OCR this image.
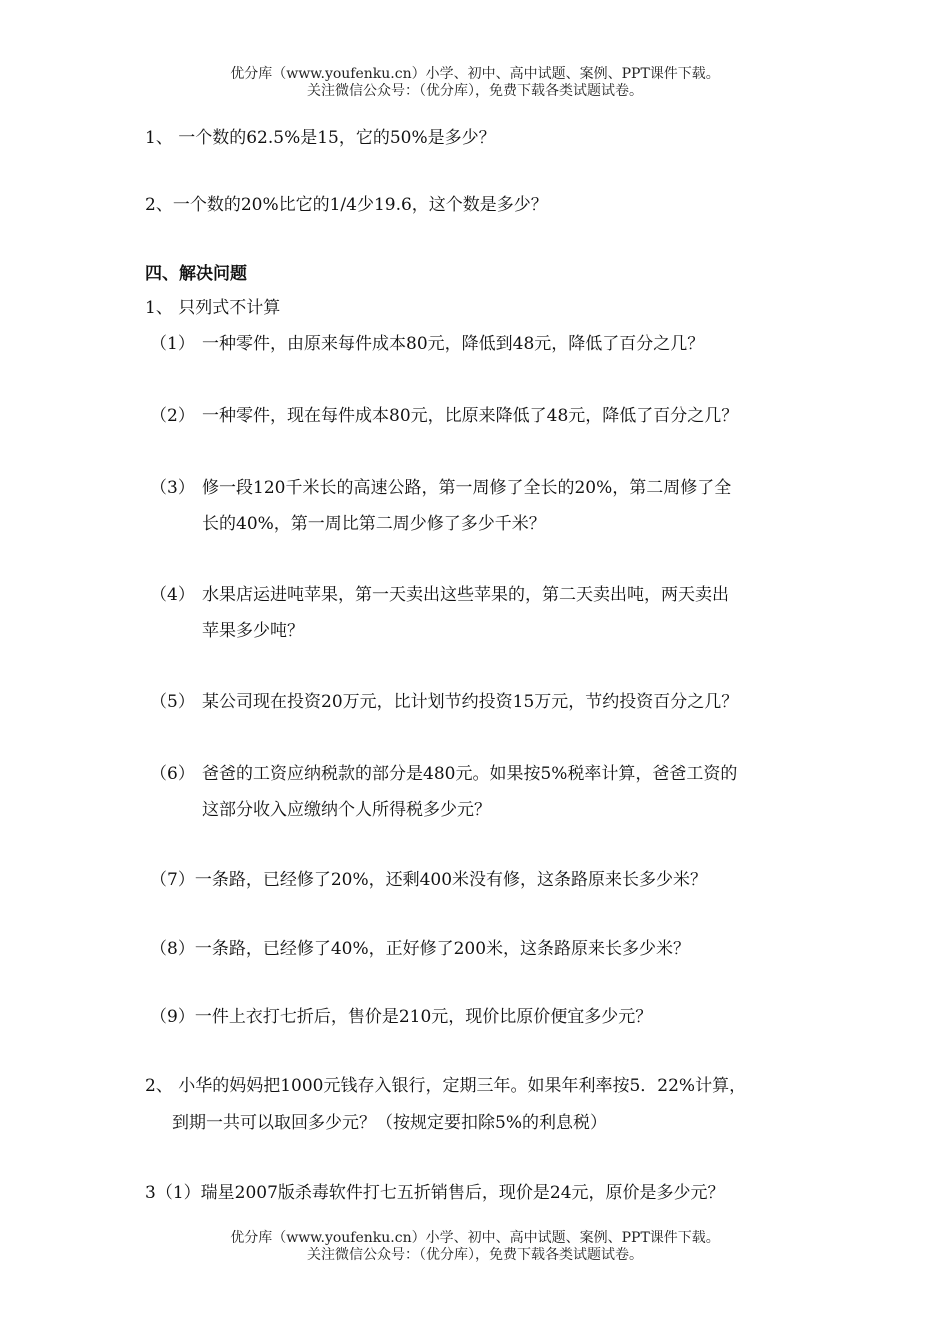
优分库（www.youfenku.cn）小学、初中、高中试题、案例、PPT课件下载。
关注微信公众号：（优分库），免费下载各类试题试卷。
1、 一个数的62.5%是15，它的50%是多少？
2、一个数的20%比它的1/4少19.6，这个数是多少？
四、解决问题
1、 只列式不计算
（1） 一种零件，由原来每件成本80元，降低到48元，降低了百分之几？
（2） 一种零件，现在每件成本80元，比原来降低了48元，降低了百分之几？
（3） 修一段120千米长的高速公路，第一周修了全长的20%，第二周修了全
长的40%，第一周比第二周少修了多少千米？
（4） 水果店运进吨苹果，第一天卖出这些苹果的，第二天卖出吨，两天卖出
苹果多少吨？
（5） 某公司现在投资20万元，比计划节约投资15万元，节约投资百分之几？
（6） 爸爸的工资应纳税款的部分是480元。如果按5%税率计算，爸爸工资的
这部分收入应缴纳个人所得税多少元？
（7）一条路，已经修了20%，还剩400米没有修，这条路原来长多少米？
（8）一条路，已经修了40%，正好修了200米，这条路原来长多少米？
（9）一件上衣打七折后，售价是210元，现价比原价便宜多少元？
2、 小华的妈妈把1000元钱存入银行，定期三年。如果年利率按5．22%计算，
到期一共可以取回多少元？（按规定要扣除5%的利息税）
3（1）瑞星2007版杀毒软件打七五折销售后，现价是24元，原价是多少元？
优分库（www.youfenku.cn）小学、初中、高中试题、案例、PPT课件下载。
关注微信公众号：（优分库），免费下载各类试题试卷。
